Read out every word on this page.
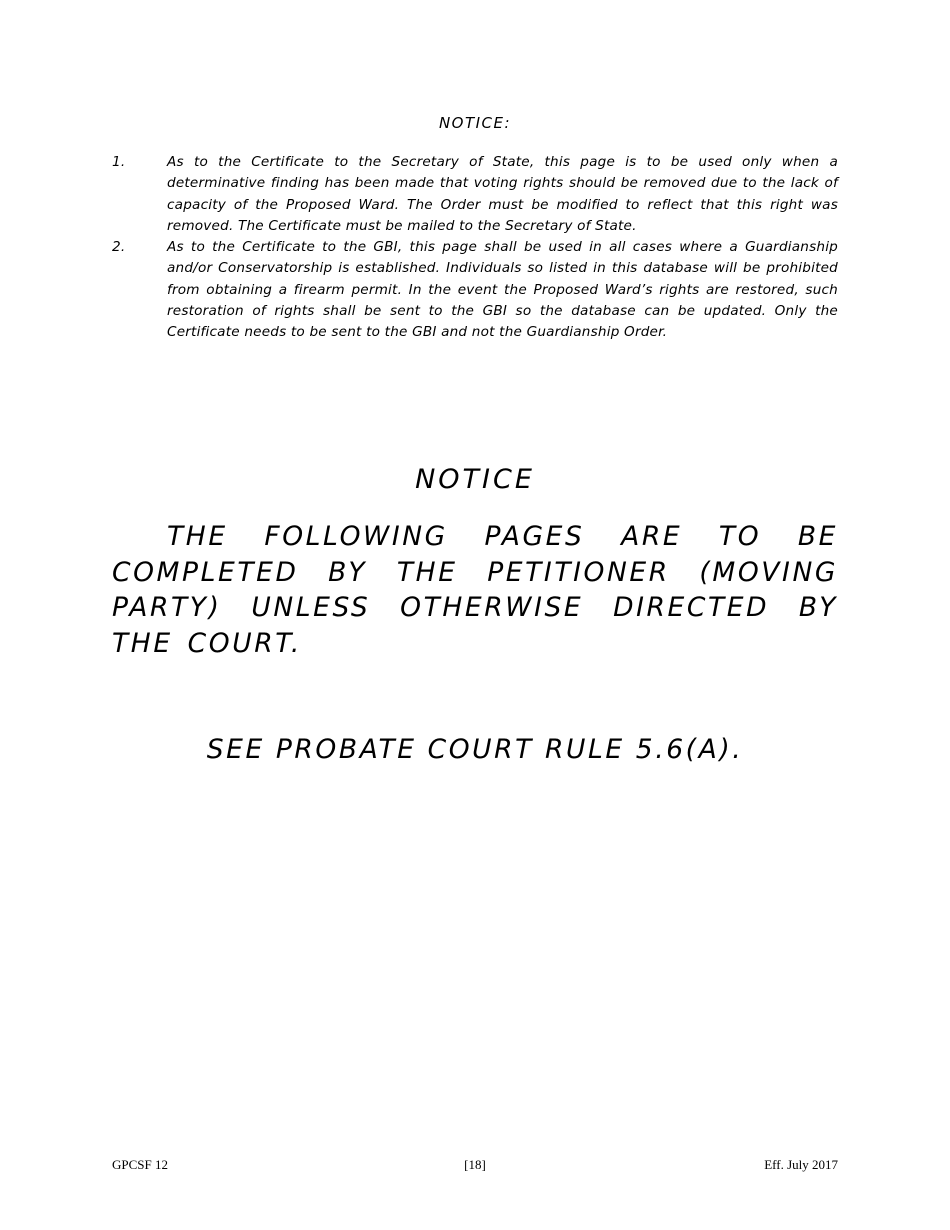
NOTICE:
1.	As to the Certificate to the Secretary of State, this page is to be used only when a determinative finding has been made that voting rights should be removed due to the lack of capacity of the Proposed Ward. The Order must be modified to reflect that this right was removed. The Certificate must be mailed to the Secretary of State.
2.	As to the Certificate to the GBI, this page shall be used in all cases where a Guardianship and/or Conservatorship is established. Individuals so listed in this database will be prohibited from obtaining a firearm permit. In the event the Proposed Ward’s rights are restored, such restoration of rights shall be sent to the GBI so the database can be updated. Only the Certificate needs to be sent to the GBI and not the Guardianship Order.
NOTICE

THE FOLLOWING PAGES ARE TO BE COMPLETED BY THE PETITIONER (MOVING PARTY) UNLESS OTHERWISE DIRECTED BY THE COURT.

SEE PROBATE COURT RULE 5.6(A).
GPCSF 12	[18]	Eff. July 2017
